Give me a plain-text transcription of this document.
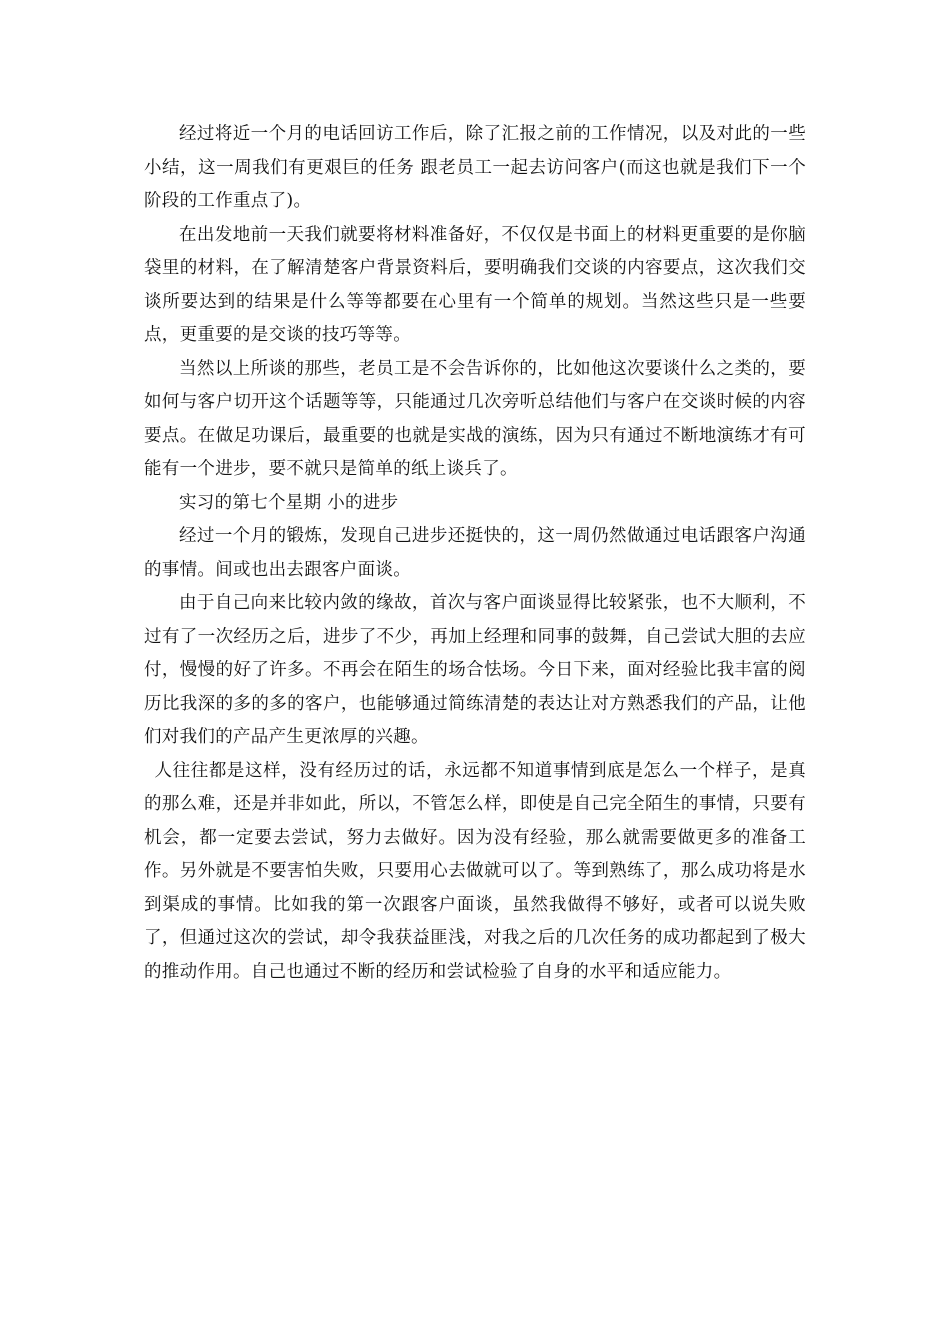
经过将近一个月的电话回访工作后，除了汇报之前的工作情况，以及对此的一些小结，这一周我们有更艰巨的任务 跟老员工一起去访问客户(而这也就是我们下一个阶段的工作重点了)。

在出发地前一天我们就要将材料准备好，不仅仅是书面上的材料更重要的是你脑袋里的材料，在了解清楚客户背景资料后，要明确我们交谈的内容要点，这次我们交谈所要达到的结果是什么等等都要在心里有一个简单的规划。当然这些只是一些要点，更重要的是交谈的技巧等等。

当然以上所谈的那些，老员工是不会告诉你的，比如他这次要谈什么之类的，要如何与客户切开这个话题等等，只能通过几次旁听总结他们与客户在交谈时候的内容要点。在做足功课后，最重要的也就是实战的演练，因为只有通过不断地演练才有可能有一个进步，要不就只是简单的纸上谈兵了。

实习的第七个星期 小的进步

经过一个月的锻炼，发现自己进步还挺快的，这一周仍然做通过电话跟客户沟通的事情。间或也出去跟客户面谈。

由于自己向来比较内敛的缘故，首次与客户面谈显得比较紧张，也不大顺利，不过有了一次经历之后，进步了不少，再加上经理和同事的鼓舞，自己尝试大胆的去应付，慢慢的好了许多。不再会在陌生的场合怯场。今日下来，面对经验比我丰富的阅历比我深的多的多的客户，也能够通过简练清楚的表达让对方熟悉我们的产品，让他们对我们的产品产生更浓厚的兴趣。

人往往都是这样，没有经历过的话，永远都不知道事情到底是怎么一个样子，是真的那么难，还是并非如此，所以，不管怎么样，即使是自己完全陌生的事情，只要有机会，都一定要去尝试，努力去做好。因为没有经验，那么就需要做更多的准备工作。另外就是不要害怕失败，只要用心去做就可以了。等到熟练了，那么成功将是水到渠成的事情。比如我的第一次跟客户面谈，虽然我做得不够好，或者可以说失败了，但通过这次的尝试，却令我获益匪浅，对我之后的几次任务的成功都起到了极大的推动作用。自己也通过不断的经历和尝试检验了自身的水平和适应能力。
